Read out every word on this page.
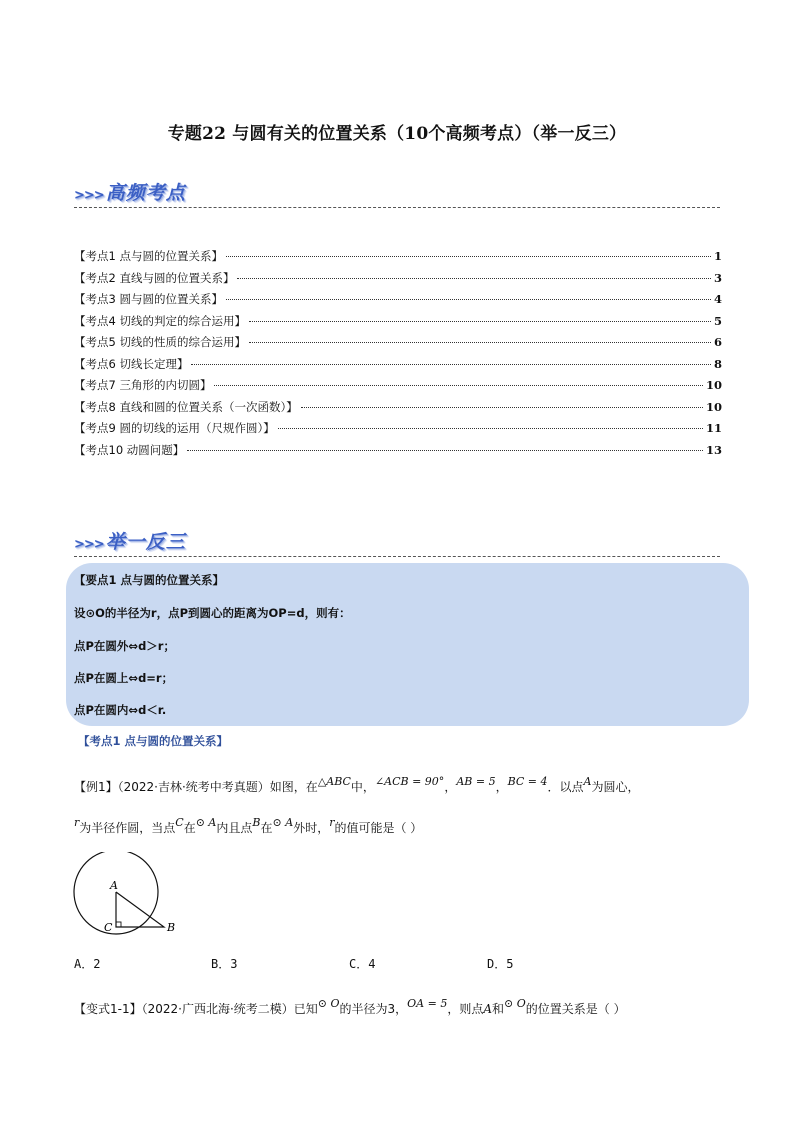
专题22 与圆有关的位置关系（10个高频考点）（举一反三）
>>> 高频考点
【考点1 点与圆的位置关系】	1
【考点2 直线与圆的位置关系】	3
【考点3 圆与圆的位置关系】	4
【考点4 切线的判定的综合运用】	5
【考点5 切线的性质的综合运用】	6
【考点6 切线长定理】	8
【考点7 三角形的内切圆】	10
【考点8 直线和圆的位置关系（一次函数）】	10
【考点9 圆的切线的运用（尺规作圆）】	11
【考点10 动圆问题】	13
>>> 举一反三
【要点1 点与圆的位置关系】
设⊙O的半径为r，点P到圆心的距离为OP=d，则有：
点P在圆外⇔d＞r；
点P在圆上⇔d=r；
点P在圆内⇔d＜r.
【考点1 点与圆的位置关系】
【例1】（2022·吉林·统考中考真题）如图，在△ABC中，∠ACB = 90°，AB = 5，BC = 4．以点A为圆心，
r为半径作圆，当点C在⊙ A内且点B在⊙ A外时，r的值可能是（ ）
A
C	B
A．2	B．3	C．4	D．5
【变式1-1】（2022·广西北海·统考二模）已知⊙ O的半径为3，OA = 5，则点A和⊙ O的位置关系是（ ）
